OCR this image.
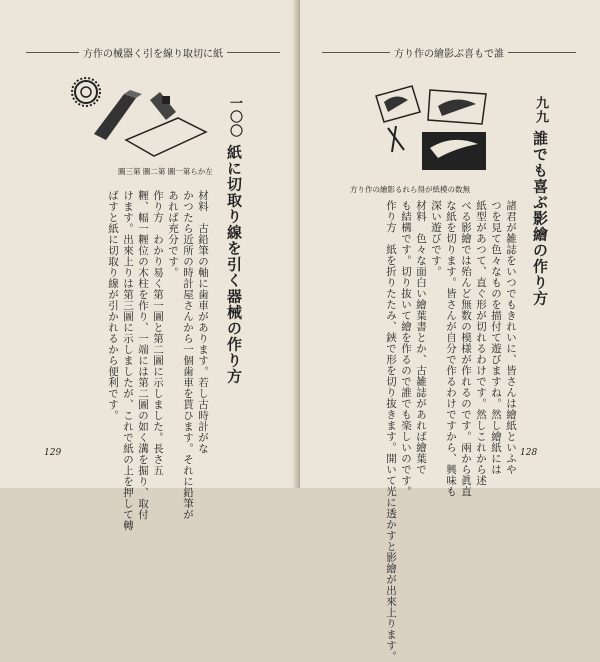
方作の械器く引を線り取切に紙
圖三第 圖二第 圖一第らか左
一〇〇 紙に切取り線を引く器械の作り方
材料　古鉛筆の軸に歯車があります。若し古時計がな
かつたら近所の時計屋さんから一個歯車を貰ひます。それに鉛筆が
あれば充分です。
作り方　わかり易く第一圖と第二圖に示しました。長さ五
糎、幅一糎位の木柱を作り、一端には第二圖の如く溝を掘り、取付
けます。出來上りは第三圖に示しましたが、これで紙の上を押して轉
ばすと紙に切取り線が引かれるから便利です。
129
方り作の繪影ぶ喜もで誰
方り作の繪影るれら得が紙模の数無
九九 誰でも喜ぶ影繪の作り方
諸君が雑誌をいつでもきれいに、皆さんは繪紙といふや
つを見て色々なものを描付て遊びますね。然し繪紙には
紙型があつて、直ぐ形が切れるわけです。然しこれから述
べる影繪では殆んど無数の模様が作れるのです。兩から眞直
な紙を切ります。皆さんが自分で作るわけですから、興味も
深い遊びです。
材料　色々な面白い繪葉書とか、古雑誌があれば繪葉で
も結構です。切り抜いて繪を作るので誰でも楽しいのです。
作り方　紙を折りたたみ、鋏で形を切り抜きます。開いて光に透かすと影繪が出來上ります。	128
